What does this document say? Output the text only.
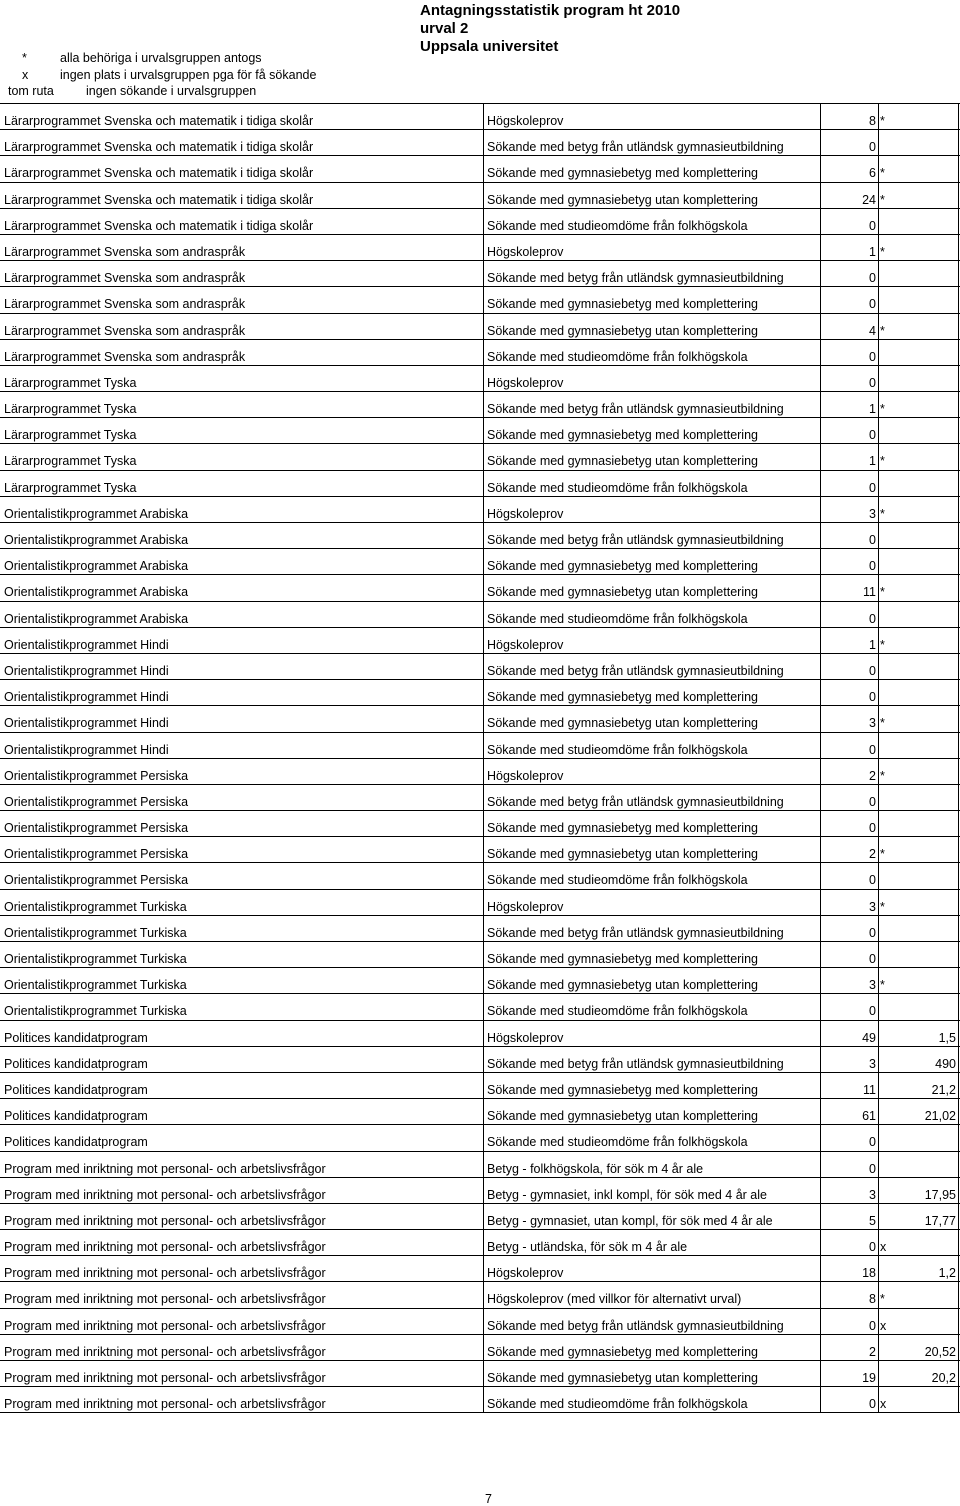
Antagningsstatistik program ht 2010 urval 2
Uppsala universitet
*	alla behöriga i urvalsgruppen antogs
x	ingen plats i urvalsgruppen pga för få sökande
tom ruta	ingen sökande i urvalsgruppen
Lärarprogrammet Svenska och matematik i tidiga skolår	Högskoleprov	8 *
Lärarprogrammet Svenska och matematik i tidiga skolår	Sökande med betyg från utländsk gymnasieutbildning	0
Lärarprogrammet Svenska och matematik i tidiga skolår	Sökande med gymnasiebetyg med komplettering	6 *
Lärarprogrammet Svenska och matematik i tidiga skolår	Sökande med gymnasiebetyg utan komplettering	24 *
Lärarprogrammet Svenska och matematik i tidiga skolår	Sökande med studieomdöme från folkhögskola	0
Lärarprogrammet Svenska som andraspråk	Högskoleprov	1 *
Lärarprogrammet Svenska som andraspråk	Sökande med betyg från utländsk gymnasieutbildning	0
Lärarprogrammet Svenska som andraspråk	Sökande med gymnasiebetyg med komplettering	0
Lärarprogrammet Svenska som andraspråk	Sökande med gymnasiebetyg utan komplettering	4 *
Lärarprogrammet Svenska som andraspråk	Sökande med studieomdöme från folkhögskola	0
Lärarprogrammet Tyska	Högskoleprov	0
Lärarprogrammet Tyska	Sökande med betyg från utländsk gymnasieutbildning	1 *
Lärarprogrammet Tyska	Sökande med gymnasiebetyg med komplettering	0
Lärarprogrammet Tyska	Sökande med gymnasiebetyg utan komplettering	1 *
Lärarprogrammet Tyska	Sökande med studieomdöme från folkhögskola	0
Orientalistikprogrammet Arabiska	Högskoleprov	3 *
Orientalistikprogrammet Arabiska	Sökande med betyg från utländsk gymnasieutbildning	0
Orientalistikprogrammet Arabiska	Sökande med gymnasiebetyg med komplettering	0
Orientalistikprogrammet Arabiska	Sökande med gymnasiebetyg utan komplettering	11 *
Orientalistikprogrammet Arabiska	Sökande med studieomdöme från folkhögskola	0
Orientalistikprogrammet Hindi	Högskoleprov	1 *
Orientalistikprogrammet Hindi	Sökande med betyg från utländsk gymnasieutbildning	0
Orientalistikprogrammet Hindi	Sökande med gymnasiebetyg med komplettering	0
Orientalistikprogrammet Hindi	Sökande med gymnasiebetyg utan komplettering	3 *
Orientalistikprogrammet Hindi	Sökande med studieomdöme från folkhögskola	0
Orientalistikprogrammet Persiska	Högskoleprov	2 *
Orientalistikprogrammet Persiska	Sökande med betyg från utländsk gymnasieutbildning	0
Orientalistikprogrammet Persiska	Sökande med gymnasiebetyg med komplettering	0
Orientalistikprogrammet Persiska	Sökande med gymnasiebetyg utan komplettering	2 *
Orientalistikprogrammet Persiska	Sökande med studieomdöme från folkhögskola	0
Orientalistikprogrammet Turkiska	Högskoleprov	3 *
Orientalistikprogrammet Turkiska	Sökande med betyg från utländsk gymnasieutbildning	0
Orientalistikprogrammet Turkiska	Sökande med gymnasiebetyg med komplettering	0
Orientalistikprogrammet Turkiska	Sökande med gymnasiebetyg utan komplettering	3 *
Orientalistikprogrammet Turkiska	Sökande med studieomdöme från folkhögskola	0
Politices kandidatprogram	Högskoleprov	49	1,5
Politices kandidatprogram	Sökande med betyg från utländsk gymnasieutbildning	3	490
Politices kandidatprogram	Sökande med gymnasiebetyg med komplettering	11	21,2
Politices kandidatprogram	Sökande med gymnasiebetyg utan komplettering	61	21,02
Politices kandidatprogram	Sökande med studieomdöme från folkhögskola	0
Program med inriktning mot personal- och arbetslivsfrågor	Betyg - folkhögskola, för sök m 4 år ale	0
Program med inriktning mot personal- och arbetslivsfrågor	Betyg - gymnasiet, inkl kompl, för sök med 4 år ale	3	17,95
Program med inriktning mot personal- och arbetslivsfrågor	Betyg - gymnasiet, utan kompl, för sök med 4 år ale	5	17,77
Program med inriktning mot personal- och arbetslivsfrågor	Betyg - utländska, för sök m 4 år ale	0 x
Program med inriktning mot personal- och arbetslivsfrågor	Högskoleprov	18	1,2
Program med inriktning mot personal- och arbetslivsfrågor	Högskoleprov (med villkor för alternativt urval)	8 *
Program med inriktning mot personal- och arbetslivsfrågor	Sökande med betyg från utländsk gymnasieutbildning	0 x
Program med inriktning mot personal- och arbetslivsfrågor	Sökande med gymnasiebetyg med komplettering	2	20,52
Program med inriktning mot personal- och arbetslivsfrågor	Sökande med gymnasiebetyg utan komplettering	19	20,2
Program med inriktning mot personal- och arbetslivsfrågor	Sökande med studieomdöme från folkhögskola	0 x
7
